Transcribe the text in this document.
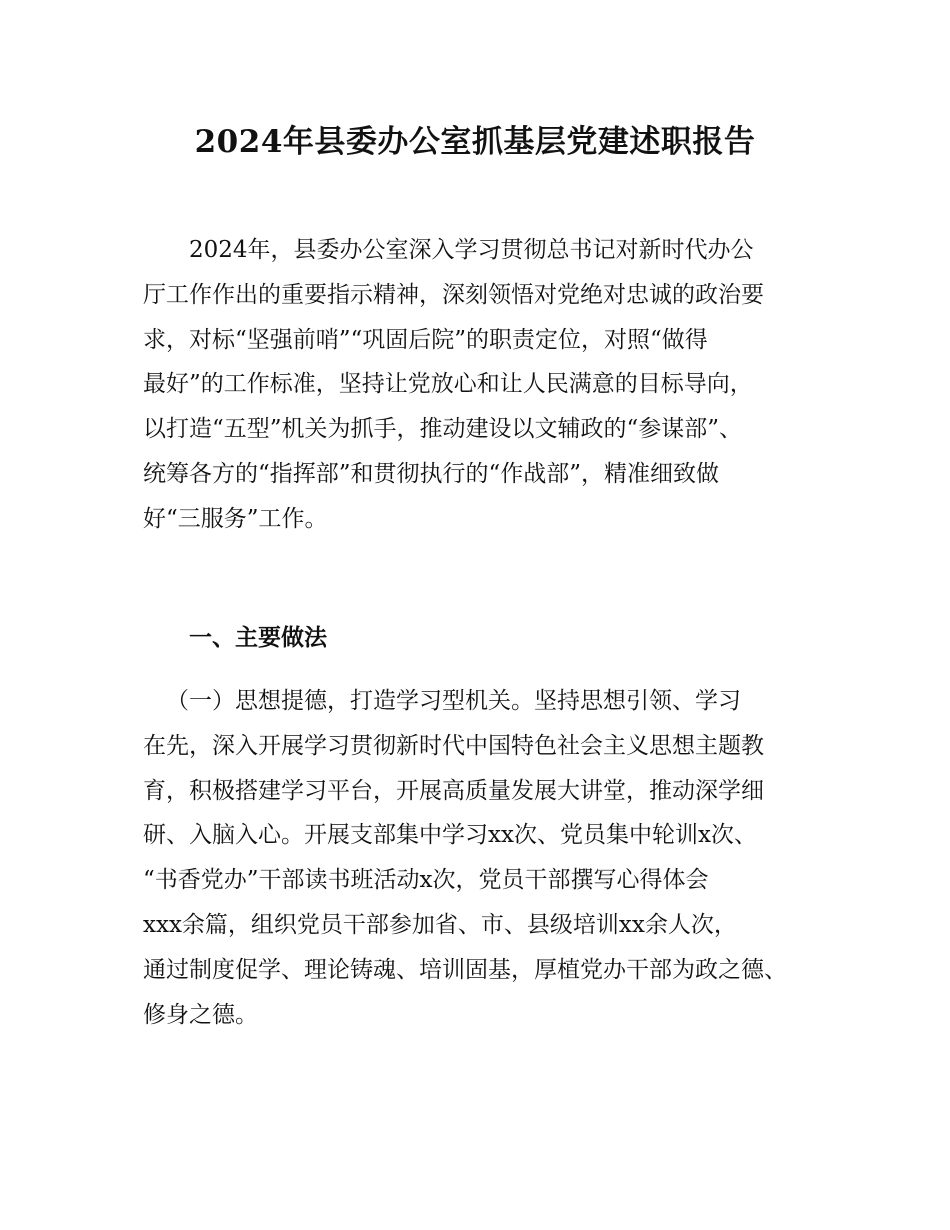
2024年县委办公室抓基层党建述职报告
2024年，县委办公室深入学习贯彻总书记对新时代办公
厅工作作出的重要指示精神，深刻领悟对党绝对忠诚的政治要
求，对标“坚强前哨”“巩固后院”的职责定位，对照“做得
最好”的工作标准，坚持让党放心和让人民满意的目标导向，
以打造“五型”机关为抓手，推动建设以文辅政的“参谋部”、
统筹各方的“指挥部”和贯彻执行的“作战部”，精准细致做
好“三服务”工作。
一、主要做法
（一）思想提德，打造学习型机关。坚持思想引领、学习
在先，深入开展学习贯彻新时代中国特色社会主义思想主题教
育，积极搭建学习平台，开展高质量发展大讲堂，推动深学细
研、入脑入心。开展支部集中学习xx次、党员集中轮训x次、
“书香党办”干部读书班活动x次，党员干部撰写心得体会
xxx余篇，组织党员干部参加省、市、县级培训xx余人次，
通过制度促学、理论铸魂、培训固基，厚植党办干部为政之德、
修身之德。
